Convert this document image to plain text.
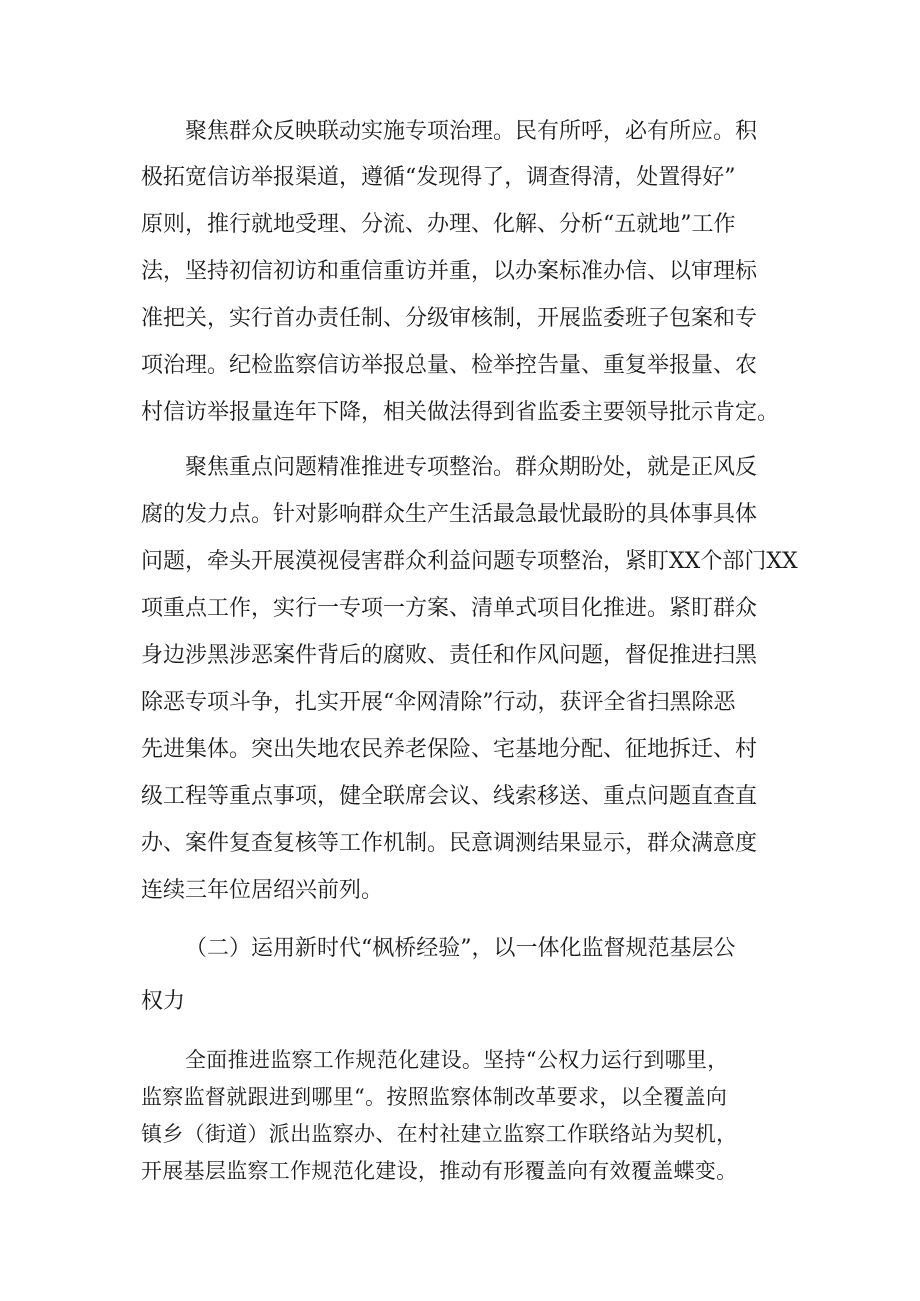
聚焦群众反映联动实施专项治理。民有所呼，必有所应。积
极拓宽信访举报渠道，遵循“发现得了，调查得清，处置得好”
原则，推行就地受理、分流、办理、化解、分析“五就地”工作
法，坚持初信初访和重信重访并重，以办案标准办信、以审理标
准把关，实行首办责任制、分级审核制，开展监委班子包案和专
项治理。纪检监察信访举报总量、检举控告量、重复举报量、农
村信访举报量连年下降，相关做法得到省监委主要领导批示肯定。
聚焦重点问题精准推进专项整治。群众期盼处，就是正风反
腐的发力点。针对影响群众生产生活最急最忧最盼的具体事具体
问题，牵头开展漠视侵害群众利益问题专项整治，紧盯XX个部门XX
项重点工作，实行一专项一方案、清单式项目化推进。紧盯群众
身边涉黑涉恶案件背后的腐败、责任和作风问题，督促推进扫黑
除恶专项斗争，扎实开展“伞网清除”行动，获评全省扫黑除恶
先进集体。突出失地农民养老保险、宅基地分配、征地拆迁、村
级工程等重点事项，健全联席会议、线索移送、重点问题直查直
办、案件复查复核等工作机制。民意调测结果显示，群众满意度
连续三年位居绍兴前列。
（二）运用新时代“枫桥经验”，以一体化监督规范基层公
权力
全面推进监察工作规范化建设。坚持“公权力运行到哪里，
监察监督就跟进到哪里“。按照监察体制改革要求，以全覆盖向
镇乡（街道）派出监察办、在村社建立监察工作联络站为契机，
开展基层监察工作规范化建设，推动有形覆盖向有效覆盖蝶变。
